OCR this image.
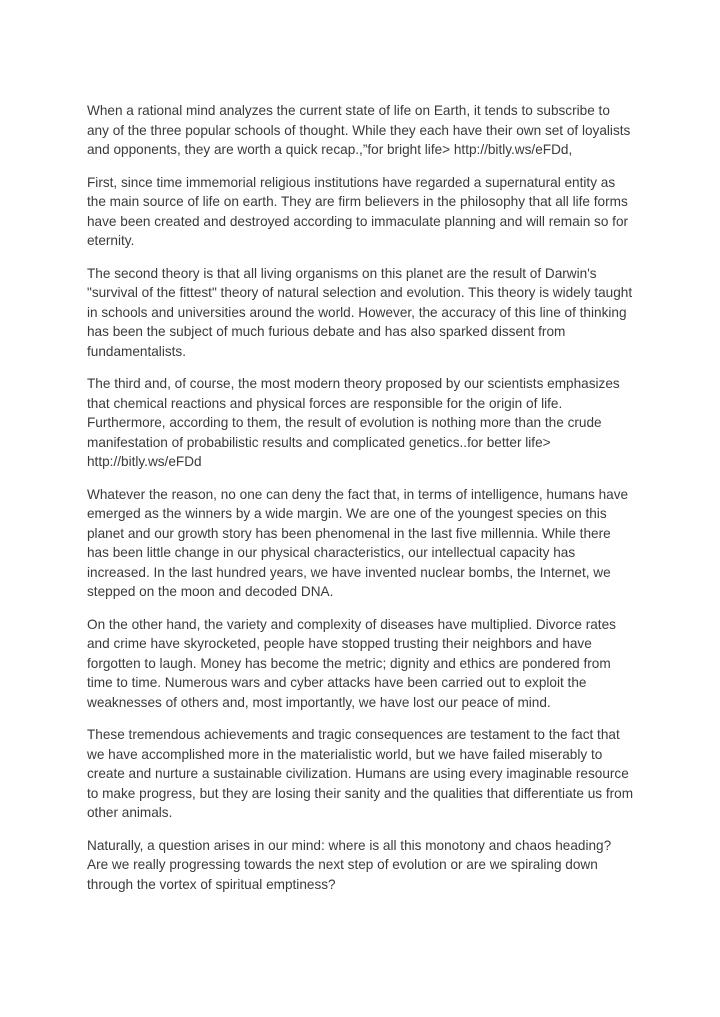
When a rational mind analyzes the current state of life on Earth, it tends to subscribe to any of the three popular schools of thought. While they each have their own set of loyalists and opponents, they are worth a quick recap.,”for bright life> http://bitly.ws/eFDd,

First, since time immemorial religious institutions have regarded a supernatural entity as the main source of life on earth. They are firm believers in the philosophy that all life forms have been created and destroyed according to immaculate planning and will remain so for eternity.

The second theory is that all living organisms on this planet are the result of Darwin's "survival of the fittest" theory of natural selection and evolution. This theory is widely taught in schools and universities around the world. However, the accuracy of this line of thinking has been the subject of much furious debate and has also sparked dissent from fundamentalists.

The third and, of course, the most modern theory proposed by our scientists emphasizes that chemical reactions and physical forces are responsible for the origin of life. Furthermore, according to them, the result of evolution is nothing more than the crude manifestation of probabilistic results and complicated genetics..for better life> http://bitly.ws/eFDd

Whatever the reason, no one can deny the fact that, in terms of intelligence, humans have emerged as the winners by a wide margin. We are one of the youngest species on this planet and our growth story has been phenomenal in the last five millennia. While there has been little change in our physical characteristics, our intellectual capacity has increased. In the last hundred years, we have invented nuclear bombs, the Internet, we stepped on the moon and decoded DNA.

On the other hand, the variety and complexity of diseases have multiplied. Divorce rates and crime have skyrocketed, people have stopped trusting their neighbors and have forgotten to laugh. Money has become the metric; dignity and ethics are pondered from time to time. Numerous wars and cyber attacks have been carried out to exploit the weaknesses of others and, most importantly, we have lost our peace of mind.

These tremendous achievements and tragic consequences are testament to the fact that we have accomplished more in the materialistic world, but we have failed miserably to create and nurture a sustainable civilization. Humans are using every imaginable resource to make progress, but they are losing their sanity and the qualities that differentiate us from other animals.

Naturally, a question arises in our mind: where is all this monotony and chaos heading? Are we really progressing towards the next step of evolution or are we spiraling down through the vortex of spiritual emptiness?
